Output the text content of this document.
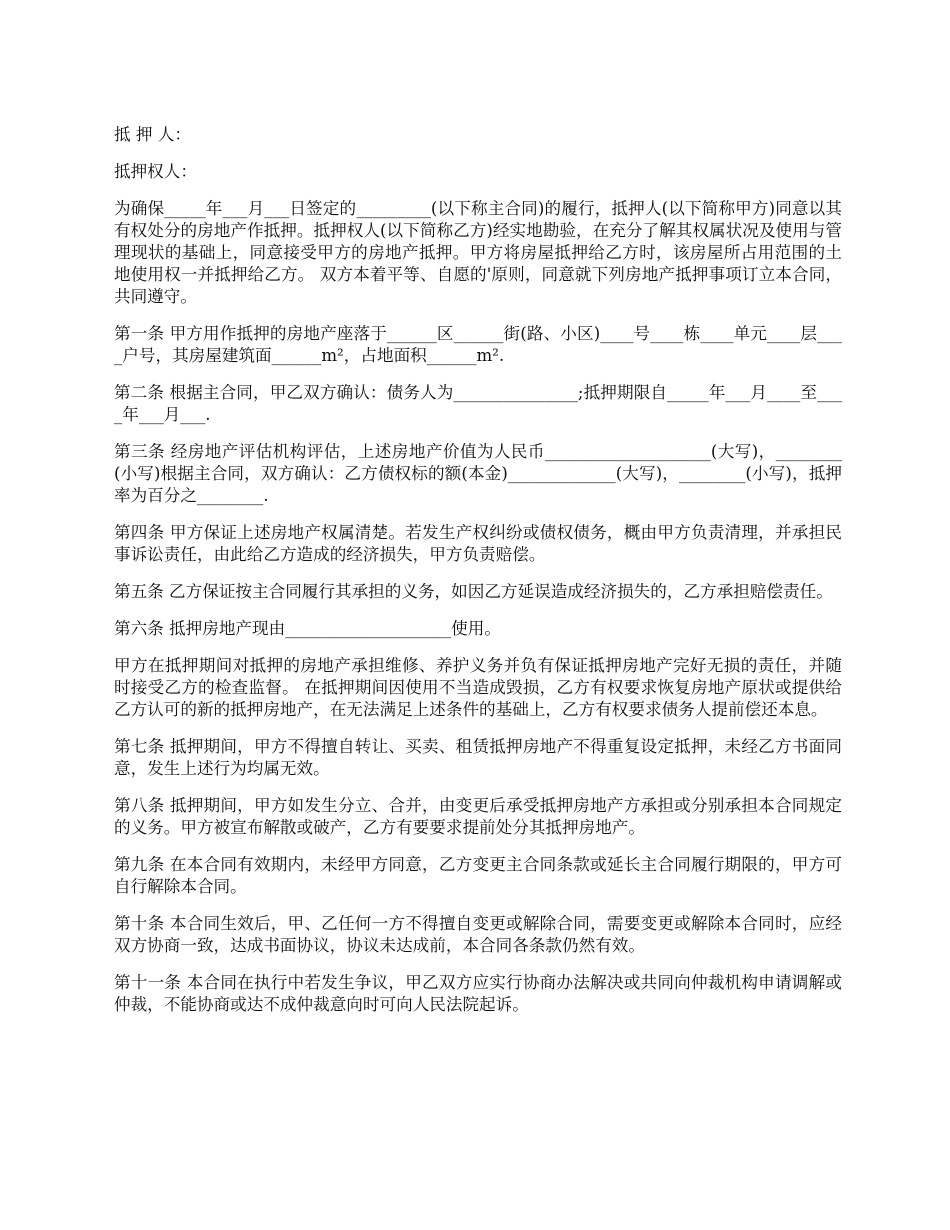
抵 押 人：

抵押权人：

为确保_____年___月___日签定的_________(以下称主合同)的履行，抵押人(以下简称甲方)同意以其有权处分的房地产作抵押。抵押权人(以下简称乙方)经实地勘验，在充分了解其权属状况及使用与管理现状的基础上，同意接受甲方的房地产抵押。甲方将房屋抵押给乙方时，该房屋所占用范围的土地使用权一并抵押给乙方。 双方本着平等、自愿的'原则，同意就下列房地产抵押事项订立本合同，共同遵守。

第一条 甲方用作抵押的房地产座落于______区______街(路、小区)____号____栋____单元____层____户号，其房屋建筑面______m²，占地面积______m².

第二条 根据主合同，甲乙双方确认：债务人为_______________;抵押期限自_____年___月____至____年___月___.

第三条 经房地产评估机构评估，上述房地产价值为人民币____________________(大写)，________(小写)根据主合同，双方确认：乙方债权标的额(本金)_____________(大写)，________(小写)，抵押率为百分之________.

第四条 甲方保证上述房地产权属清楚。若发生产权纠纷或债权债务，概由甲方负责清理，并承担民事诉讼责任，由此给乙方造成的经济损失，甲方负责赔偿。

第五条 乙方保证按主合同履行其承担的义务，如因乙方延误造成经济损失的，乙方承担赔偿责任。

第六条 抵押房地产现由____________________使用。

甲方在抵押期间对抵押的房地产承担维修、养护义务并负有保证抵押房地产完好无损的责任，并随时接受乙方的检查监督。 在抵押期间因使用不当造成毁损，乙方有权要求恢复房地产原状或提供给乙方认可的新的抵押房地产，在无法满足上述条件的基础上，乙方有权要求债务人提前偿还本息。

第七条 抵押期间，甲方不得擅自转让、买卖、租赁抵押房地产不得重复设定抵押，未经乙方书面同意，发生上述行为均属无效。

第八条 抵押期间，甲方如发生分立、合并，由变更后承受抵押房地产方承担或分别承担本合同规定的义务。甲方被宣布解散或破产，乙方有要要求提前处分其抵押房地产。

第九条 在本合同有效期内，未经甲方同意，乙方变更主合同条款或延长主合同履行期限的，甲方可自行解除本合同。

第十条 本合同生效后，甲、乙任何一方不得擅自变更或解除合同，需要变更或解除本合同时，应经双方协商一致，达成书面协议，协议未达成前，本合同各条款仍然有效。

第十一条 本合同在执行中若发生争议，甲乙双方应实行协商办法解决或共同向仲裁机构申请调解或仲裁，不能协商或达不成仲裁意向时可向人民法院起诉。
